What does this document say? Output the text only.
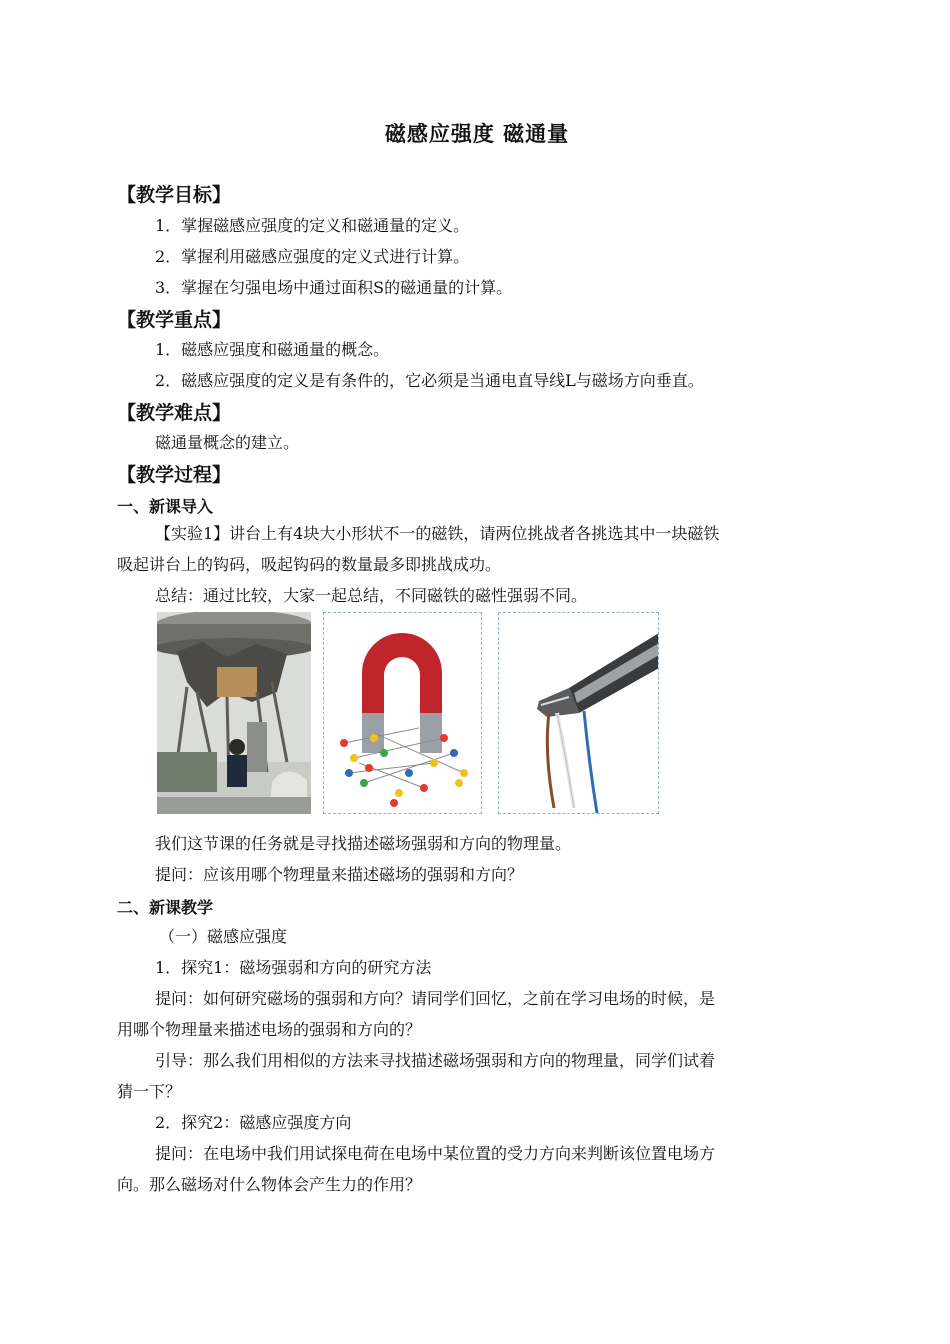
磁感应强度 磁通量
【教学目标】
1．掌握磁感应强度的定义和磁通量的定义。
2．掌握利用磁感应强度的定义式进行计算。
3．掌握在匀强电场中通过面积S的磁通量的计算。
【教学重点】
1．磁感应强度和磁通量的概念。
2．磁感应强度的定义是有条件的，它必须是当通电直导线L与磁场方向垂直。
【教学难点】
磁通量概念的建立。
【教学过程】
一、新课导入
【实验1】讲台上有4块大小形状不一的磁铁，请两位挑战者各挑选其中一块磁铁
吸起讲台上的钩码，吸起钩码的数量最多即挑战成功。
总结：通过比较，大家一起总结，不同磁铁的磁性强弱不同。
我们这节课的任务就是寻找描述磁场强弱和方向的物理量。
提问：应该用哪个物理量来描述磁场的强弱和方向？
二、新课教学
（一）磁感应强度
1．探究1：磁场强弱和方向的研究方法
提问：如何研究磁场的强弱和方向？请同学们回忆，之前在学习电场的时候，是
用哪个物理量来描述电场的强弱和方向的？
引导：那么我们用相似的方法来寻找描述磁场强弱和方向的物理量，同学们试着
猜一下？
2．探究2：磁感应强度方向
提问：在电场中我们用试探电荷在电场中某位置的受力方向来判断该位置电场方
向。那么磁场对什么物体会产生力的作用？
